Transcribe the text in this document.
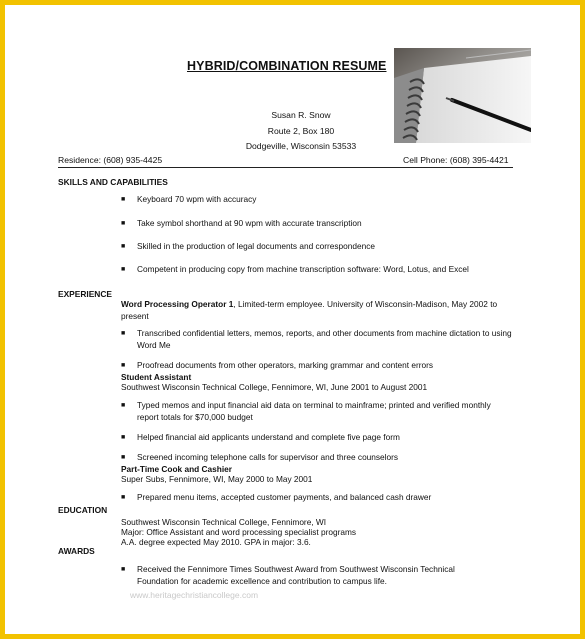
HYBRID/COMBINATION RESUME
Susan R. Snow
Route 2, Box 180
Dodgeville, Wisconsin 53533
Residence: (608) 935-4425	Cell Phone: (608) 395-4421
SKILLS AND CAPABILITIES
■ Keyboard 70 wpm with accuracy
■ Take symbol shorthand at 90 wpm with accurate transcription
■ Skilled in the production of legal documents and correspondence
■ Competent in producing copy from machine transcription software: Word, Lotus, and Excel
EXPERIENCE
Word Processing Operator 1, Limited-term employee. University of Wisconsin-Madison, May 2002 to present
■ Transcribed confidential letters, memos, reports, and other documents from machine dictation to using Word Me
■ Proofread documents from other operators, marking grammar and content errors
Student Assistant
Southwest Wisconsin Technical College, Fennimore, WI, June 2001 to August 2001
■ Typed memos and input financial aid data on terminal to mainframe; printed and verified monthly report totals for $70,000 budget
■ Helped financial aid applicants understand and complete five page form
■ Screened incoming telephone calls for supervisor and three counselors
Part-Time Cook and Cashier
Super Subs, Fennimore, WI, May 2000 to May 2001
■ Prepared menu items, accepted customer payments, and balanced cash drawer
EDUCATION
Southwest Wisconsin Technical College, Fennimore, WI
Major: Office Assistant and word processing specialist programs
A.A. degree expected May 2010. GPA in major: 3.6.
AWARDS
■ Received the Fennimore Times Southwest Award from Southwest Wisconsin Technical Foundation for academic excellence and contribution to campus life.
www.heritagechristiancollege.com
